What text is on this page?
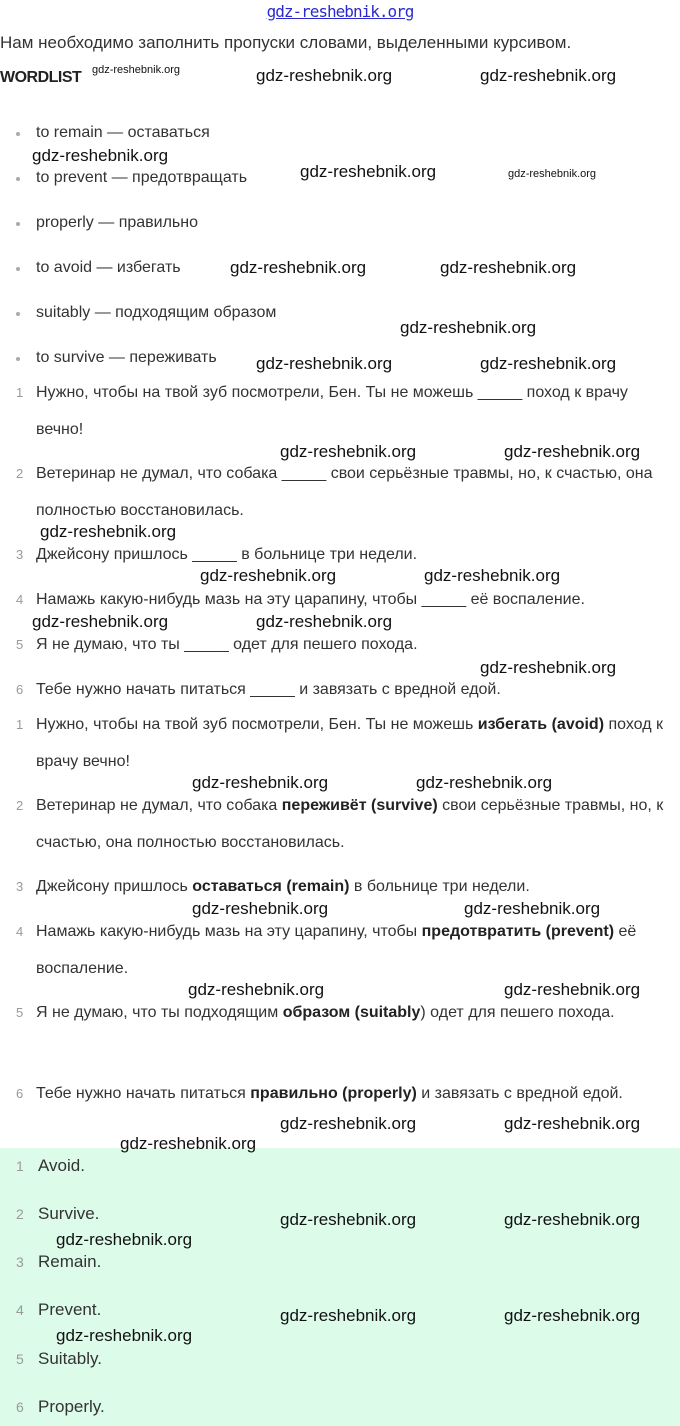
gdz-reshebnik.org
Нам необходимо заполнить пропуски словами, выделенными курсивом.
WORDLIST gdz-reshebnik.org
to remain — оставаться
to prevent — предотвращать
properly — правильно
to avoid — избегать
suitably — подходящим образом
to survive — переживать
1 Нужно, чтобы на твой зуб посмотрели, Бен. Ты не можешь _____ поход к врачу вечно!
2 Ветеринар не думал, что собака _____ свои серьёзные травмы, но, к счастью, она полностью восстановилась.
3 Джейсону пришлось _____ в больнице три недели.
4 Намажь какую-нибудь мазь на эту царапину, чтобы _____ её воспаление.
5 Я не думаю, что ты _____ одет для пешего похода.
6 Тебе нужно начать питаться _____ и завязать с вредной едой.
1 Нужно, чтобы на твой зуб посмотрели, Бен. Ты не можешь избегать (avoid) поход к врачу вечно!
2 Ветеринар не думал, что собака переживёт (survive) свои серьёзные травмы, но, к счастью, она полностью восстановилась.
3 Джейсону пришлось оставаться (remain) в больнице три недели.
4 Намажь какую-нибудь мазь на эту царапину, чтобы предотвратить (prevent) её воспаление.
5 Я не думаю, что ты подходящим образом (suitably) одет для пешего похода.
6 Тебе нужно начать питаться правильно (properly) и завязать с вредной едой.
1 Avoid.
2 Survive.
3 Remain.
4 Prevent.
5 Suitably.
6 Properly.
gdz-reshebnik.org	gdz-reshebnik.org
gdz-reshebnik.org
gdz-reshebnik.org	gdz-reshebnik.org
gdz-reshebnik.org	gdz-reshebnik.org
gdz-reshebnik.org	gdz-reshebnik.org
gdz-reshebnik.org
gdz-reshebnik.org	gdz-reshebnik.org
gdz-reshebnik.org
gdz-reshebnik.org
gdz-reshebnik.org
gdz-reshebnik.org
gdz-reshebnik.org	gdz-reshebnik.org
gdz-reshebnik.org	gdz-reshebnik.org
gdz-reshebnik.org	gdz-reshebnik.org
gdz-reshebnik.org	gdz-reshebnik.org
gdz-reshebnik.org	gdz-reshebnik.org
gdz-reshebnik.org
gdz-reshebnik.org	gdz-reshebnik.org
gdz-reshebnik.org
gdz-reshebnik.org	gdz-reshebnik.org
gdz-reshebnik.org
